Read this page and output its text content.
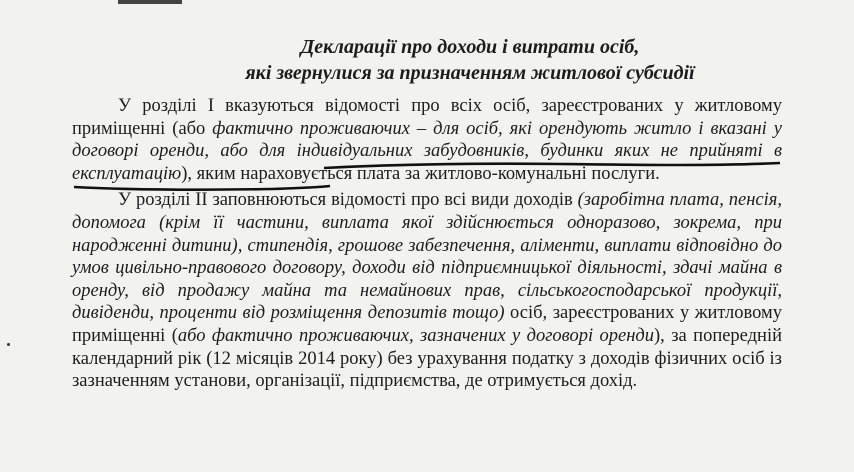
Декларації про доходи і витрати осіб,
які звернулися за призначенням житлової субсидії

У розділі І вказуються відомості про всіх осіб, зареєстрованих у житловому приміщенні (або фактично проживаючих – для осіб, які орендують житло і вказані у договорі оренди, або для індивідуальних забудовників, будинки яких не прийняті в експлуатацію), яким нараховується плата за житлово-комунальні послуги.

У розділі ІІ заповнюються відомості про всі види доходів (заробітна плата, пенсія, допомога (крім її частини, виплата якої здійснюється одноразово, зокрема, при народженні дитини), стипендія, грошове забезпечення, аліменти, виплати відповідно до умов цивільно-правового договору, доходи від підприємницької діяльності, здачі майна в оренду, від продажу майна та немайнових прав, сільськогосподарської продукції, дивіденди, проценти від розміщення депозитів тощо) осіб, зареєстрованих у житловому приміщенні (або фактично проживаючих, зазначених у договорі оренди), за попередній календарний рік (12 місяців 2014 року) без урахування податку з доходів фізичних осіб із зазначенням установи, організації, підприємства, де отримується дохід.
